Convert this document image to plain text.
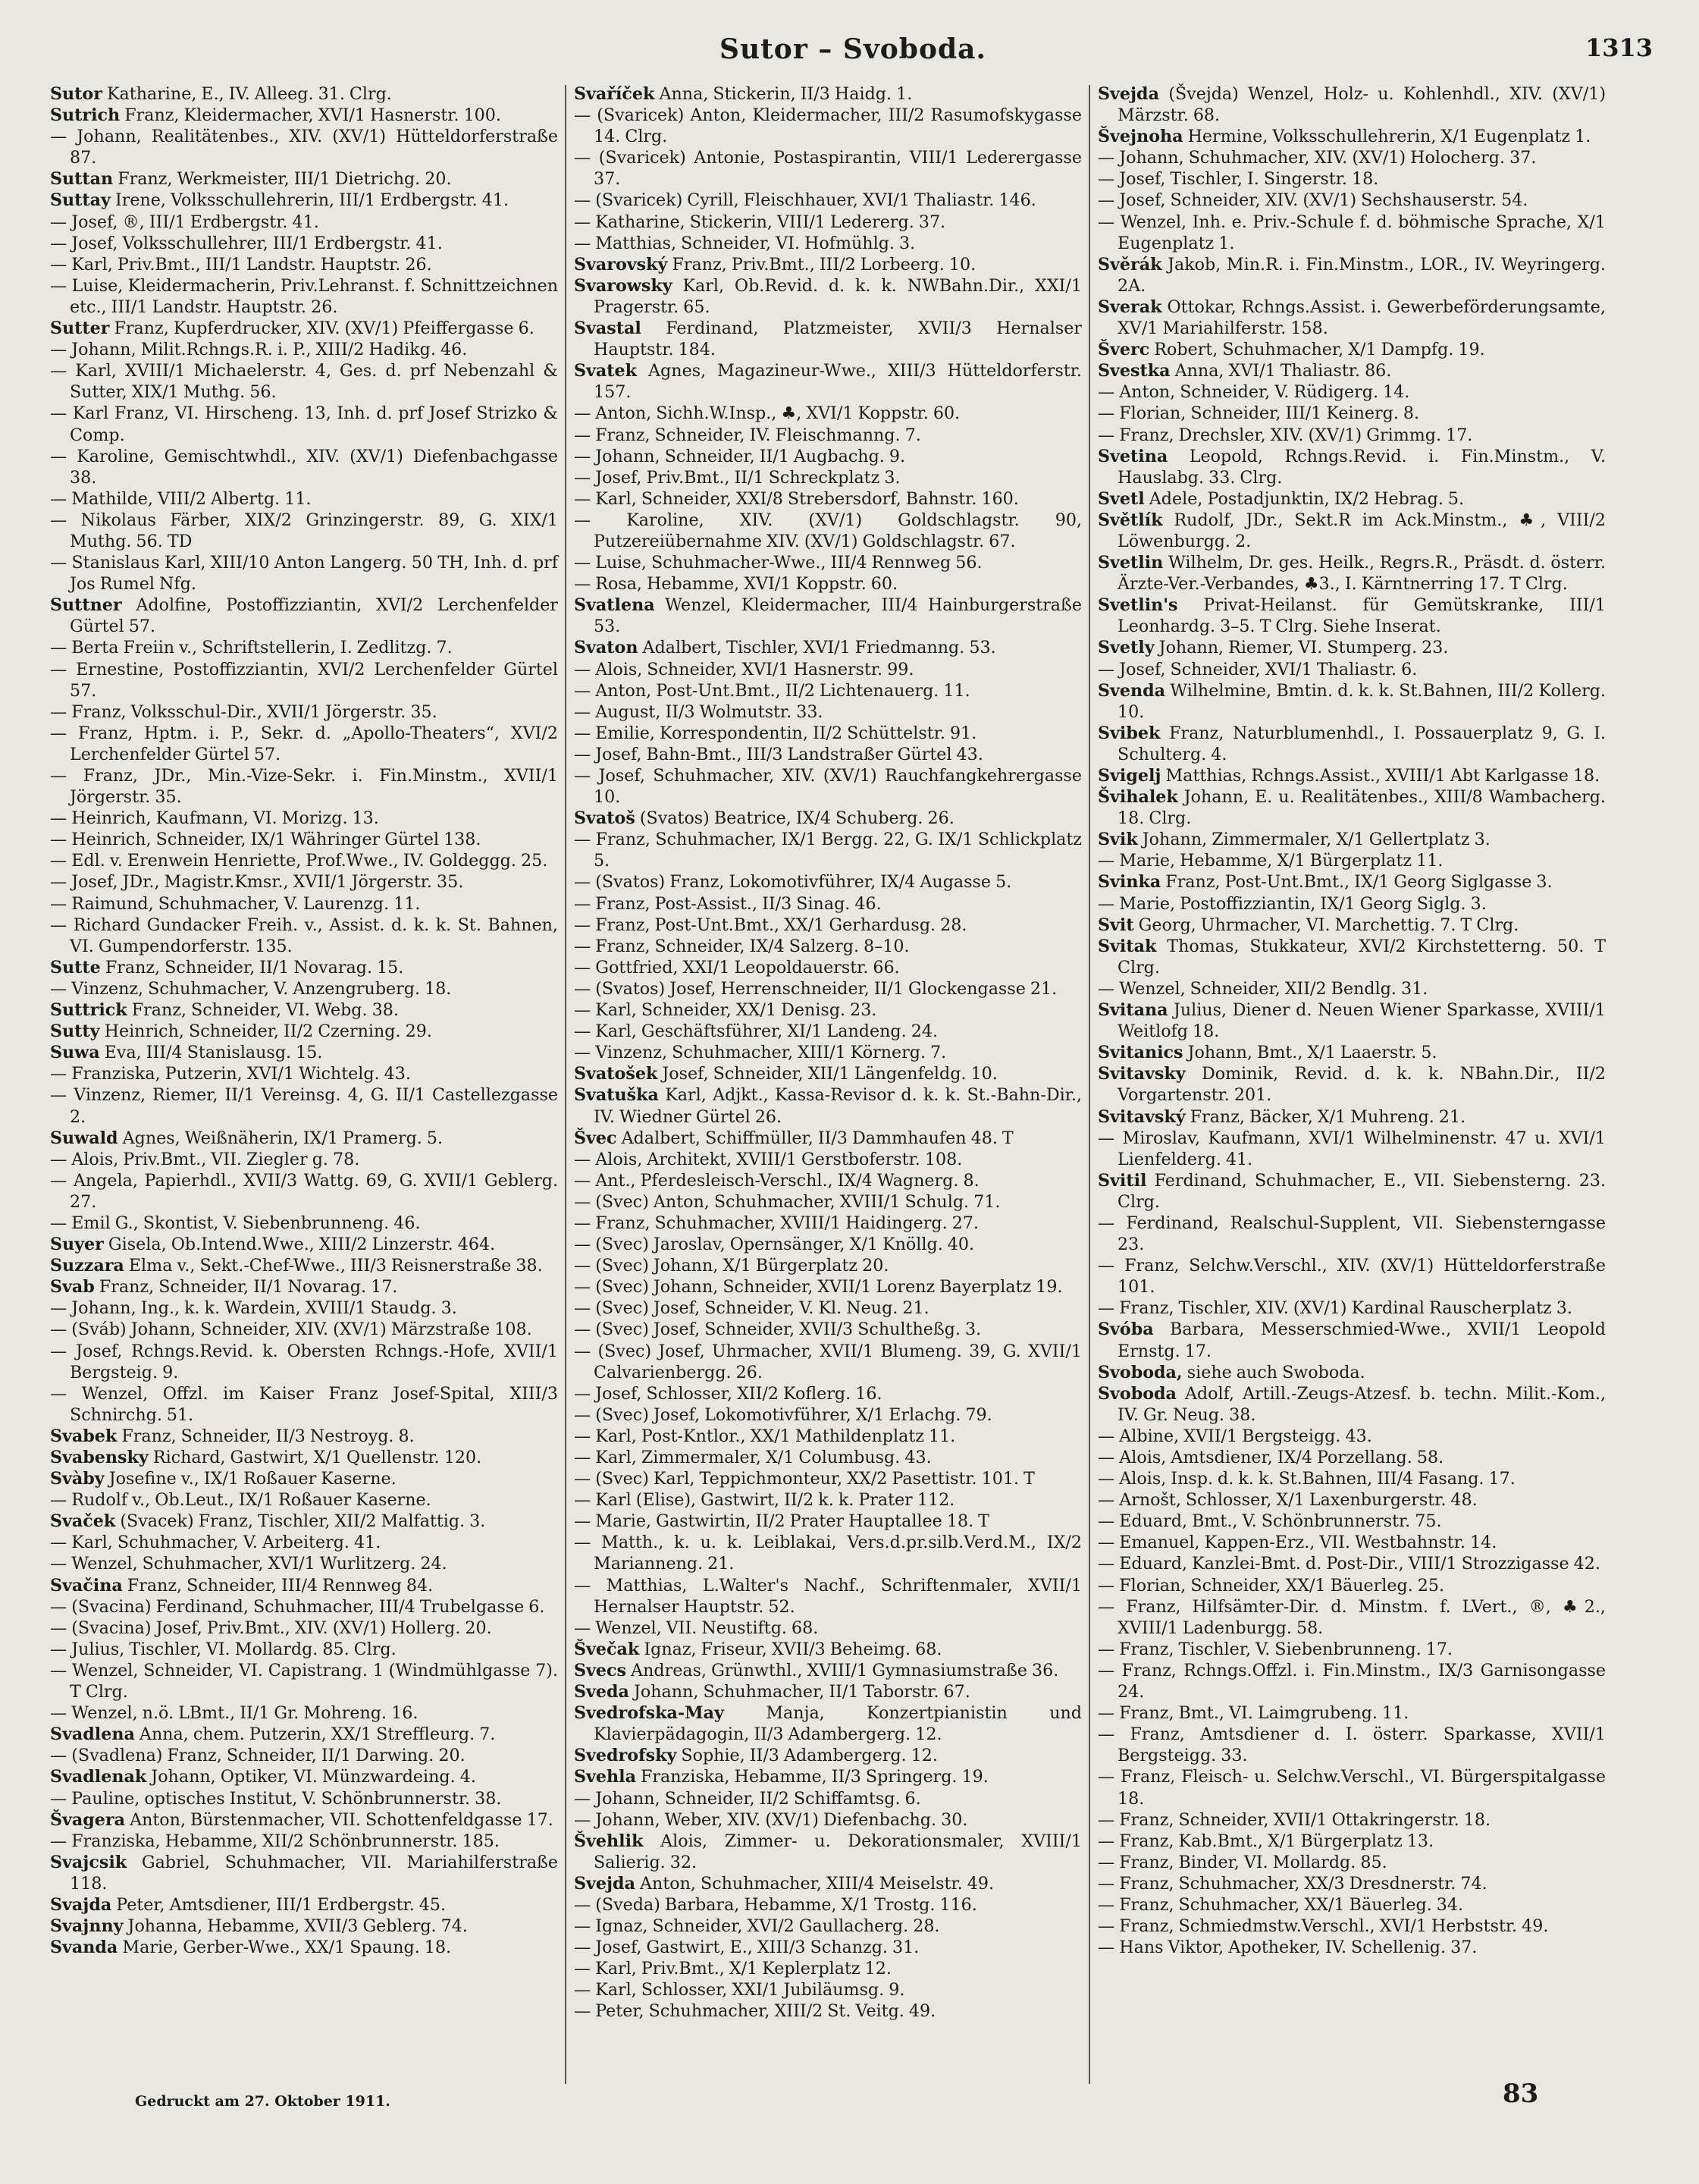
Sutor – Svoboda.	1313

Sutor Katharine, E., IV. Alleeg. 31. Clrg.

Sutrich Franz, Kleidermacher, XVI/1 Hasnerstr. 100.

— Johann, Realitätenbes., XIV. (XV/1) Hütteldorferstraße 87.

Suttan Franz, Werkmeister, III/1 Dietrichg. 20.

Suttay Irene, Volksschullehrerin, III/1 Erdbergstr. 41.

— Josef, ®, III/1 Erdbergstr. 41.

— Josef, Volksschullehrer, III/1 Erdbergstr. 41.

— Karl, Priv.Bmt., III/1 Landstr. Hauptstr. 26.

— Luise, Kleidermacherin, Priv.Lehranst. f. Schnittzeichnen etc., III/1 Landstr. Hauptstr. 26.

Sutter Franz, Kupferdrucker, XIV. (XV/1) Pfeiffergasse 6.

— Johann, Milit.Rchngs.R. i. P., XIII/2 Hadikg. 46.

— Karl, XVIII/1 Michaelerstr. 4, Ges. d. prf Nebenzahl & Sutter, XIX/1 Muthg. 56.

— Karl Franz, VI. Hirscheng. 13, Inh. d. prf Josef Strizko & Comp.

— Karoline, Gemischtwhdl., XIV. (XV/1) Diefenbachgasse 38.

— Mathilde, VIII/2 Albertg. 11.

— Nikolaus Färber, XIX/2 Grinzingerstr. 89, G. XIX/1 Muthg. 56. TD

— Stanislaus Karl, XIII/10 Anton Langerg. 50 TH, Inh. d. prf Jos Rumel Nfg.

Suttner Adolfine, Postoffizziantin, XVI/2 Lerchenfelder Gürtel 57.

— Berta Freiin v., Schriftstellerin, I. Zedlitzg. 7.

— Ernestine, Postoffizziantin, XVI/2 Lerchenfelder Gürtel 57.

— Franz, Volksschul-Dir., XVII/1 Jörgerstr. 35.

— Franz, Hptm. i. P., Sekr. d. „Apollo-Theaters“, XVI/2 Lerchenfelder Gürtel 57.

— Franz, JDr., Min.-Vize-Sekr. i. Fin.Minstm., XVII/1 Jörgerstr. 35.

— Heinrich, Kaufmann, VI. Morizg. 13.

— Heinrich, Schneider, IX/1 Währinger Gürtel 138.

— Edl. v. Erenwein Henriette, Prof.Wwe., IV. Goldeggg. 25.

— Josef, JDr., Magistr.Kmsr., XVII/1 Jörgerstr. 35.

— Raimund, Schuhmacher, V. Laurenzg. 11.

— Richard Gundacker Freih. v., Assist. d. k. k. St. Bahnen, VI. Gumpendorferstr. 135.

Sutte Franz, Schneider, II/1 Novarag. 15.

— Vinzenz, Schuhmacher, V. Anzengruberg. 18.

Suttrick Franz, Schneider, VI. Webg. 38.

Sutty Heinrich, Schneider, II/2 Czerning. 29.

Suwa Eva, III/4 Stanislausg. 15.

— Franziska, Putzerin, XVI/1 Wichtelg. 43.

— Vinzenz, Riemer, II/1 Vereinsg. 4, G. II/1 Castellezgasse 2.

Suwald Agnes, Weißnäherin, IX/1 Pramerg. 5.

— Alois, Priv.Bmt., VII. Ziegler g. 78.

— Angela, Papierhdl., XVII/3 Wattg. 69, G. XVII/1 Geblerg. 27.

— Emil G., Skontist, V. Siebenbrunneng. 46.

Suyer Gisela, Ob.Intend.Wwe., XIII/2 Linzerstr. 464.

Suzzara Elma v., Sekt.-Chef-Wwe., III/3 Reisnerstraße 38.

Svab Franz, Schneider, II/1 Novarag. 17.

— Johann, Ing., k. k. Wardein, XVIII/1 Staudg. 3.

— (Sváb) Johann, Schneider, XIV. (XV/1) Märzstraße 108.

— Josef, Rchngs.Revid. k. Obersten Rchngs.-Hofe, XVII/1 Bergsteig. 9.

— Wenzel, Offzl. im Kaiser Franz Josef-Spital, XIII/3 Schnirchg. 51.

Svabek Franz, Schneider, II/3 Nestroyg. 8.

Svabensky Richard, Gastwirt, X/1 Quellenstr. 120.

Svàby Josefine v., IX/1 Roßauer Kaserne.

— Rudolf v., Ob.Leut., IX/1 Roßauer Kaserne.

Svaček (Svacek) Franz, Tischler, XII/2 Malfattig. 3.

— Karl, Schuhmacher, V. Arbeiterg. 41.

— Wenzel, Schuhmacher, XVI/1 Wurlitzerg. 24.

Svačina Franz, Schneider, III/4 Rennweg 84.

— (Svacina) Ferdinand, Schuhmacher, III/4 Trubelgasse 6.

— (Svacina) Josef, Priv.Bmt., XIV. (XV/1) Hollerg. 20.

— Julius, Tischler, VI. Mollardg. 85. Clrg.

— Wenzel, Schneider, VI. Capistrang. 1 (Windmühlgasse 7). T Clrg.

— Wenzel, n.ö. LBmt., II/1 Gr. Mohreng. 16.

Svadlena Anna, chem. Putzerin, XX/1 Streffleurg. 7.

— (Svadlena) Franz, Schneider, II/1 Darwing. 20.

Svadlenak Johann, Optiker, VI. Münzwardeing. 4.

— Pauline, optisches Institut, V. Schönbrunnerstr. 38.

Švagera Anton, Bürstenmacher, VII. Schottenfeldgasse 17.

— Franziska, Hebamme, XII/2 Schönbrunnerstr. 185.

Svajcsik Gabriel, Schuhmacher, VII. Mariahilferstraße 118.

Svajda Peter, Amtsdiener, III/1 Erdbergstr. 45.

Svajnny Johanna, Hebamme, XVII/3 Geblerg. 74.

Svanda Marie, Gerber-Wwe., XX/1 Spaung. 18.

Svaříček Anna, Stickerin, II/3 Haidg. 1.

— (Svaricek) Anton, Kleidermacher, III/2 Rasumofskygasse 14. Clrg.

— (Svaricek) Antonie, Postaspirantin, VIII/1 Lederergasse 37.

— (Svaricek) Cyrill, Fleischhauer, XVI/1 Thaliastr. 146.

— Katharine, Stickerin, VIII/1 Ledererg. 37.

— Matthias, Schneider, VI. Hofmühlg. 3.

Svarovský Franz, Priv.Bmt., III/2 Lorbeerg. 10.

Svarowsky Karl, Ob.Revid. d. k. k. NWBahn.Dir., XXI/1 Pragerstr. 65.

Svastal Ferdinand, Platzmeister, XVII/3 Hernalser Hauptstr. 184.

Svatek Agnes, Magazineur-Wwe., XIII/3 Hütteldorferstr. 157.

— Anton, Sichh.W.Insp., ♣, XVI/1 Koppstr. 60.

— Franz, Schneider, IV. Fleischmanng. 7.

— Johann, Schneider, II/1 Augbachg. 9.

— Josef, Priv.Bmt., II/1 Schreckplatz 3.

— Karl, Schneider, XXI/8 Strebersdorf, Bahnstr. 160.

— Karoline, XIV. (XV/1) Goldschlagstr. 90, Putzereiübernahme XIV. (XV/1) Goldschlagstr. 67.

— Luise, Schuhmacher-Wwe., III/4 Rennweg 56.

— Rosa, Hebamme, XVI/1 Koppstr. 60.

Svatlena Wenzel, Kleidermacher, III/4 Hainburgerstraße 53.

Svaton Adalbert, Tischler, XVI/1 Friedmanng. 53.

— Alois, Schneider, XVI/1 Hasnerstr. 99.

— Anton, Post-Unt.Bmt., II/2 Lichtenauerg. 11.

— August, II/3 Wolmutstr. 33.

— Emilie, Korrespondentin, II/2 Schüttelstr. 91.

— Josef, Bahn-Bmt., III/3 Landstraßer Gürtel 43.

— Josef, Schuhmacher, XIV. (XV/1) Rauchfangkehrergasse 10.

Svatoš (Svatos) Beatrice, IX/4 Schuberg. 26.

— Franz, Schuhmacher, IX/1 Bergg. 22, G. IX/1 Schlickplatz 5.

— (Svatos) Franz, Lokomotivführer, IX/4 Augasse 5.

— Franz, Post-Assist., II/3 Sinag. 46.

— Franz, Post-Unt.Bmt., XX/1 Gerhardusg. 28.

— Franz, Schneider, IX/4 Salzerg. 8–10.

— Gottfried, XXI/1 Leopoldauerstr. 66.

— (Svatos) Josef, Herrenschneider, II/1 Glockengasse 21.

— Karl, Schneider, XX/1 Denisg. 23.

— Karl, Geschäftsführer, XI/1 Landeng. 24.

— Vinzenz, Schuhmacher, XIII/1 Körnerg. 7.

Svatošek Josef, Schneider, XII/1 Längenfeldg. 10.

Svatuška Karl, Adjkt., Kassa-Revisor d. k. k. St.-Bahn-Dir., IV. Wiedner Gürtel 26.

Švec Adalbert, Schiffmüller, II/3 Dammhaufen 48. T

— Alois, Architekt, XVIII/1 Gerstboferstr. 108.

— Ant., Pferdesleisch-Verschl., IX/4 Wagnerg. 8.

— (Svec) Anton, Schuhmacher, XVIII/1 Schulg. 71.

— Franz, Schuhmacher, XVIII/1 Haidingerg. 27.

— (Svec) Jaroslav, Opernsänger, X/1 Knöllg. 40.

— (Svec) Johann, X/1 Bürgerplatz 20.

— (Svec) Johann, Schneider, XVII/1 Lorenz Bayerplatz 19.

— (Svec) Josef, Schneider, V. Kl. Neug. 21.

— (Svec) Josef, Schneider, XVII/3 Schultheßg. 3.

— (Svec) Josef, Uhrmacher, XVII/1 Blumeng. 39, G. XVII/1 Calvarienbergg. 26.

— Josef, Schlosser, XII/2 Koflerg. 16.

— (Svec) Josef, Lokomotivführer, X/1 Erlachg. 79.

— Karl, Post-Kntlor., XX/1 Mathildenplatz 11.

— Karl, Zimmermaler, X/1 Columbusg. 43.

— (Svec) Karl, Teppichmonteur, XX/2 Pasettistr. 101. T

— Karl (Elise), Gastwirt, II/2 k. k. Prater 112.

— Marie, Gastwirtin, II/2 Prater Hauptallee 18. T

— Matth., k. u. k. Leiblakai, Vers.d.pr.silb.Verd.M., IX/2 Marianneng. 21.

— Matthias, L.Walter's Nachf., Schriftenmaler, XVII/1 Hernalser Hauptstr. 52.

— Wenzel, VII. Neustiftg. 68.

Švečak Ignaz, Friseur, XVII/3 Beheimg. 68.

Svecs Andreas, Grünwthl., XVIII/1 Gymnasiumstraße 36.

Sveda Johann, Schuhmacher, II/1 Taborstr. 67.

Svedrofska-May Manja, Konzertpianistin und Klavierpädagogin, II/3 Adambergerg. 12.

Svedrofsky Sophie, II/3 Adambergerg. 12.

Svehla Franziska, Hebamme, II/3 Springerg. 19.

— Johann, Schneider, II/2 Schiffamtsg. 6.

— Johann, Weber, XIV. (XV/1) Diefenbachg. 30.

Švehlik Alois, Zimmer- u. Dekorationsmaler, XVIII/1 Salierig. 32.

Svejda Anton, Schuhmacher, XIII/4 Meiselstr. 49.

— (Sveda) Barbara, Hebamme, X/1 Trostg. 116.

— Ignaz, Schneider, XVI/2 Gaullacherg. 28.

— Josef, Gastwirt, E., XIII/3 Schanzg. 31.

— Karl, Priv.Bmt., X/1 Keplerplatz 12.

— Karl, Schlosser, XXI/1 Jubiläumsg. 9.

— Peter, Schuhmacher, XIII/2 St. Veitg. 49.

Svejda (Švejda) Wenzel, Holz- u. Kohlenhdl., XIV. (XV/1) Märzstr. 68.

Švejnoha Hermine, Volksschullehrerin, X/1 Eugenplatz 1.

— Johann, Schuhmacher, XIV. (XV/1) Holocherg. 37.

— Josef, Tischler, I. Singerstr. 18.

— Josef, Schneider, XIV. (XV/1) Sechshauserstr. 54.

— Wenzel, Inh. e. Priv.-Schule f. d. böhmische Sprache, X/1 Eugenplatz 1.

Svěrák Jakob, Min.R. i. Fin.Minstm., LOR., IV. Weyringerg. 2A.

Sverak Ottokar, Rchngs.Assist. i. Gewerbeförderungsamte, XV/1 Mariahilferstr. 158.

Šverc Robert, Schuhmacher, X/1 Dampfg. 19.

Svestka Anna, XVI/1 Thaliastr. 86.

— Anton, Schneider, V. Rüdigerg. 14.

— Florian, Schneider, III/1 Keinerg. 8.

— Franz, Drechsler, XIV. (XV/1) Grimmg. 17.

Svetina Leopold, Rchngs.Revid. i. Fin.Minstm., V. Hauslabg. 33. Clrg.

Svetl Adele, Postadjunktin, IX/2 Hebrag. 5.

Světlík Rudolf, JDr., Sekt.R im Ack.Minstm., ♣, VIII/2 Löwenburgg. 2.

Svetlin Wilhelm, Dr. ges. Heilk., Regrs.R., Präsdt. d. österr. Ärzte-Ver.-Verbandes, ♣3., I. Kärntnerring 17. T Clrg.

Svetlin's Privat-Heilanst. für Gemütskranke, III/1 Leonhardg. 3–5. T Clrg. Siehe Inserat.

Svetly Johann, Riemer, VI. Stumperg. 23.

— Josef, Schneider, XVI/1 Thaliastr. 6.

Svenda Wilhelmine, Bmtin. d. k. k. St.Bahnen, III/2 Kollerg. 10.

Svibek Franz, Naturblumenhdl., I. Possauerplatz 9, G. I. Schulterg. 4.

Svigelj Matthias, Rchngs.Assist., XVIII/1 Abt Karlgasse 18.

Švihalek Johann, E. u. Realitätenbes., XIII/8 Wambacherg. 18. Clrg.

Svik Johann, Zimmermaler, X/1 Gellertplatz 3.

— Marie, Hebamme, X/1 Bürgerplatz 11.

Svinka Franz, Post-Unt.Bmt., IX/1 Georg Siglgasse 3.

— Marie, Postoffizziantin, IX/1 Georg Siglg. 3.

Svit Georg, Uhrmacher, VI. Marchettig. 7. T Clrg.

Svitak Thomas, Stukkateur, XVI/2 Kirchstetterng. 50. T Clrg.

— Wenzel, Schneider, XII/2 Bendlg. 31.

Svitana Julius, Diener d. Neuen Wiener Sparkasse, XVIII/1 Weitlofg 18.

Svitanics Johann, Bmt., X/1 Laaerstr. 5.

Svitavsky Dominik, Revid. d. k. k. NBahn.Dir., II/2 Vorgartenstr. 201.

Svitavský Franz, Bäcker, X/1 Muhreng. 21.

— Miroslav, Kaufmann, XVI/1 Wilhelminenstr. 47 u. XVI/1 Lienfelderg. 41.

Svitil Ferdinand, Schuhmacher, E., VII. Siebensterng. 23. Clrg.

— Ferdinand, Realschul-Supplent, VII. Siebensterngasse 23.

— Franz, Selchw.Verschl., XIV. (XV/1) Hütteldorferstraße 101.

— Franz, Tischler, XIV. (XV/1) Kardinal Rauscherplatz 3.

Svóba Barbara, Messerschmied-Wwe., XVII/1 Leopold Ernstg. 17.

Svoboda, siehe auch Swoboda.

Svoboda Adolf, Artill.-Zeugs-Atzesf. b. techn. Milit.-Kom., IV. Gr. Neug. 38.

— Albine, XVII/1 Bergsteigg. 43.

— Alois, Amtsdiener, IX/4 Porzellang. 58.

— Alois, Insp. d. k. k. St.Bahnen, III/4 Fasang. 17.

— Arnošt, Schlosser, X/1 Laxenburgerstr. 48.

— Eduard, Bmt., V. Schönbrunnerstr. 75.

— Emanuel, Kappen-Erz., VII. Westbahnstr. 14.

— Eduard, Kanzlei-Bmt. d. Post-Dir., VIII/1 Strozzigasse 42.

— Florian, Schneider, XX/1 Bäuerleg. 25.

— Franz, Hilfsämter-Dir. d. Minstm. f. LVert., ®, ♣2., XVIII/1 Ladenburgg. 58.

— Franz, Tischler, V. Siebenbrunneng. 17.

— Franz, Rchngs.Offzl. i. Fin.Minstm., IX/3 Garnisongasse 24.

— Franz, Bmt., VI. Laimgrubeng. 11.

— Franz, Amtsdiener d. I. österr. Sparkasse, XVII/1 Bergsteigg. 33.

— Franz, Fleisch- u. Selchw.Verschl., VI. Bürgerspitalgasse 18.

— Franz, Schneider, XVII/1 Ottakringerstr. 18.

— Franz, Kab.Bmt., X/1 Bürgerplatz 13.

— Franz, Binder, VI. Mollardg. 85.

— Franz, Schuhmacher, XX/3 Dresdnerstr. 74.

— Franz, Schuhmacher, XX/1 Bäuerleg. 34.

— Franz, Schmiedmstw.Verschl., XVI/1 Herbststr. 49.

— Hans Viktor, Apotheker, IV. Schellenig. 37.

Gedruckt am 27. Oktober 1911.	83
